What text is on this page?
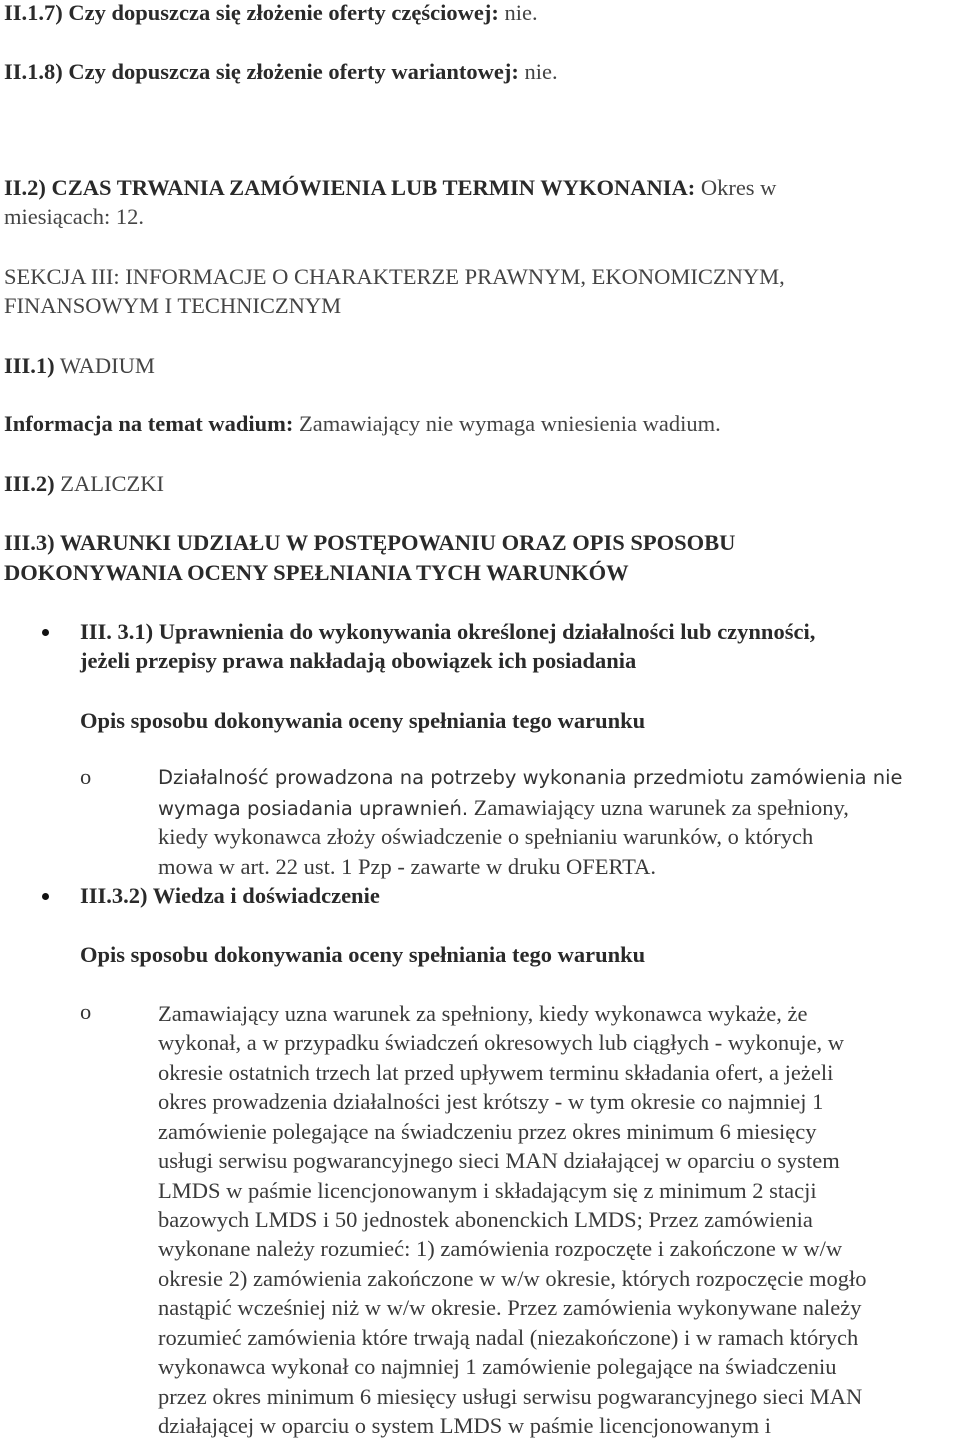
II.1.7) Czy dopuszcza się złożenie oferty częściowej: nie.
II.1.8) Czy dopuszcza się złożenie oferty wariantowej: nie.
II.2) CZAS TRWANIA ZAMÓWIENIA LUB TERMIN WYKONANIA: Okres w
miesiącach: 12.
SEKCJA III: INFORMACJE O CHARAKTERZE PRAWNYM, EKONOMICZNYM,
FINANSOWYM I TECHNICZNYM
III.1) WADIUM
Informacja na temat wadium: Zamawiający nie wymaga wniesienia wadium.
III.2) ZALICZKI
III.3) WARUNKI UDZIAŁU W POSTĘPOWANIU ORAZ OPIS SPOSOBU
DOKONYWANIA OCENY SPEŁNIANIA TYCH WARUNKÓW
III. 3.1) Uprawnienia do wykonywania określonej działalności lub czynności,
jeżeli przepisy prawa nakładają obowiązek ich posiadania
Opis sposobu dokonywania oceny spełniania tego warunku
o	Działalność prowadzona na potrzeby wykonania przedmiotu zamówienia nie
wymaga posiadania uprawnień. Zamawiający uzna warunek za spełniony,
kiedy wykonawca złoży oświadczenie o spełnianiu warunków, o których
mowa w art. 22 ust. 1 Pzp - zawarte w druku OFERTA.
III.3.2) Wiedza i doświadczenie
Opis sposobu dokonywania oceny spełniania tego warunku
o	Zamawiający uzna warunek za spełniony, kiedy wykonawca wykaże, że
wykonał, a w przypadku świadczeń okresowych lub ciągłych - wykonuje, w
okresie ostatnich trzech lat przed upływem terminu składania ofert, a jeżeli
okres prowadzenia działalności jest krótszy - w tym okresie co najmniej 1
zamówienie polegające na świadczeniu przez okres minimum 6 miesięcy
usługi serwisu pogwarancyjnego sieci MAN działającej w oparciu o system
LMDS w paśmie licencjonowanym i składającym się z minimum 2 stacji
bazowych LMDS i 50 jednostek abonenckich LMDS; Przez zamówienia
wykonane należy rozumieć: 1) zamówienia rozpoczęte i zakończone w w/w
okresie 2) zamówienia zakończone w w/w okresie, których rozpoczęcie mogło
nastąpić wcześniej niż w w/w okresie. Przez zamówienia wykonywane należy
rozumieć zamówienia które trwają nadal (niezakończone) i w ramach których
wykonawca wykonał co najmniej 1 zamówienie polegające na świadczeniu
przez okres minimum 6 miesięcy usługi serwisu pogwarancyjnego sieci MAN
działającej w oparciu o system LMDS w paśmie licencjonowanym i
